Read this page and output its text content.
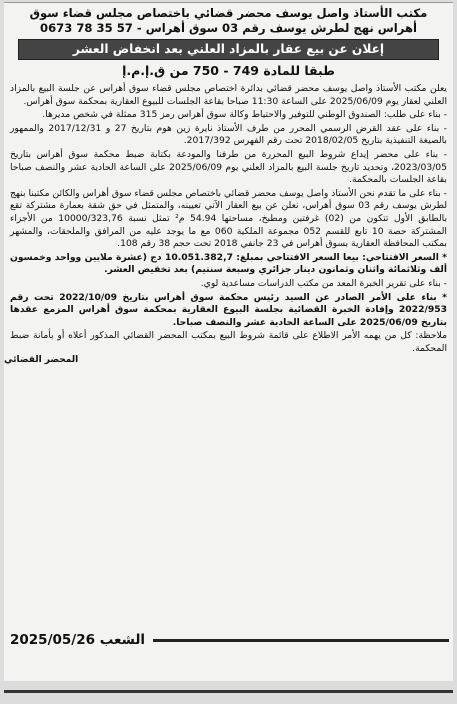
مكتب الأستاذ واصل يوسف محضر قضائي باختصاص مجلس قضاء سوق
أهراس نهج لطرش يوسف رقم 03 سوق أهراس - 57 35 78 0673
إعلان عن بيع عقار بالمزاد العلني بعد انخفاض العشر
طبقا للمادة 749 - 750 من ق.إ.م.إ

يعلن مكتب الأستاذ واصل يوسف محضر قضائي بدائرة اختصاص مجلس قضاء سوق أهراس عن جلسة البيع بالمزاد العلني لعقار يوم 2025/06/09 على الساعة 11:30 صباحا بقاعة الجلسات للبيوع العقارية بمحكمة سوق أهراس.

- بناء على طلب: الصندوق الوطني للتوفير والاحتياط وكالة سوق أهراس رمز 315 ممثلة في شخص مديرها.

- بناء على عقد القرض الرسمي المحرر من طرف الأستاذ نايرة زين هوم بتاريخ 27 و 2017/12/31 والممهور بالصيغة التنفيذية بتاريخ 2018/02/05 تحت رقم الفهرس 2017/392.

- بناء على محضر إيداع شروط البيع المحررة من طرفنا والمودعة بكتابة ضبط محكمة سوق أهراس بتاريخ 2023/03/05، وتحديد تاريخ جلسة البيع بالمزاد العلني يوم 2025/06/09 على الساعة الحادية عشر والنصف صباحا بقاعة الجلسات بالمحكمة.

- بناء على ما تقدم نحن الأستاذ واصل يوسف محضر قضائي باختصاص مجلس قضاء سوق أهراس والكائن مكتبنا بنهج لطرش يوسف رقم 03 سوق أهراس، نعلن عن بيع العقار الآتي تعيينه، والمتمثل في حق شقة بعمارة مشتركة تقع بالطابق الأول تتكون من (02) غرفتين ومطبخ، مساحتها 54.94 م² تمثل نسبة 10000/323,76 من الأجزاء المشتركة حصة 10 تابع للقسم 052 مجموعة الملكية 060 مع ما يوجد عليه من المرافق والملحقات، والمشهر بمكتب المحافظة العقارية بسوق أهراس في 23 جانفي 2018 تحت حجم 38 رقم 108.

* السعر الافتتاحي: بيعا السعر الافتتاحي بمبلغ: 10.051.382,7 دج (عشرة ملايين وواحد وخمسون ألف وثلاثمائة واثنان وثمانون دينار جزائري وسبعة سنتيم) بعد تخفيض العشر.

- بناء على تقرير الخبرة المعد من مكتب الدراسات مساعدية لوي.

* بناء على الأمر الصادر عن السيد رئيس محكمة سوق أهراس بتاريخ 2022/10/09 تحت رقم 2022/953 وإفادة الخبرة القضائية بجلسة البيوع العقارية بمحكمة سوق أهراس المزمع عقدها بتاريخ 2025/06/09 على الساعة الحادية عشر والنصف صباحا.

ملاحظة: كل من يهمه الأمر الاطلاع على قائمة شروط البيع بمكتب المحضر القضائي المذكور أعلاه أو بأمانة ضبط المحكمة.

المحضر القضائي
الشعب 2025/05/26
